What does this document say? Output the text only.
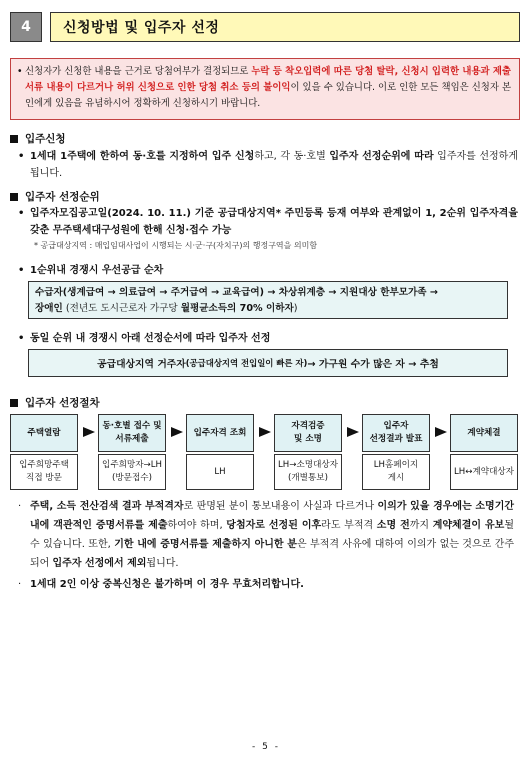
4	신청방법 및 입주자 선정
• 신청자가 신청한 내용을 근거로 당첨여부가 결정되므로 누락 등 착오입력에 따른 당첨 탈락, 신청시 입력한 내용과 제출서류 내용이 다르거나 허위 신청으로 인한 당첨 취소 등의 불이익이 있을 수 있습니다. 이로 인한 모든 책임은 신청자 본인에게 있음을 유념하시어 정확하게 신청하시기 바랍니다.
입주신청
• 1세대 1주택에 한하여 동·호를 지정하여 입주 신청하고, 각 동·호별 입주자 선정순위에 따라 입주자를 선정하게 됩니다.
입주자 선정순위
• 입주자모집공고일(2024. 10. 11.) 기준 공급대상지역* 주민등록 등재 여부와 관계없이 1, 2순위 입주자격을 갖춘 무주택세대구성원에 한해 신청·접수 가능
* 공급대상지역 : 매입임대사업이 시행되는 시·군·구(자치구)의 행정구역을 의미함
• 1순위내 경쟁시 우선공급 순차
수급자(생계급여 → 의료급여 → 주거급여 → 교육급여) → 차상위계층 → 지원대상 한부모가족 →
장애인 (전년도 도시근로자 가구당 월평균소득의 70% 이하자)
• 동일 순위 내 경쟁시 아래 선정순서에 따라 입주자 선정
공급대상지역 거주자 (공급대상지역 전입일이 빠른 자) → 가구원 수가 많은 자 → 추첨
입주자 선정절차
주택열람
입주희망주택
직접 방문
동·호별 접수 및
서류제출
입주희망자→LH
(방문접수)
입주자격 조회
LH
자격검증
및 소명
LH→소명대상자
(개별통보)
입주자
선정결과 발표
LH홈페이지
게시
계약체결
LH↔계약대상자
· 주택, 소득 전산검색 결과 부적격자로 판명된 분이 통보내용이 사실과 다르거나 이의가 있을 경우에는 소명기간 내에 객관적인 증명서류를 제출하여야 하며, 당첨자로 선정된 이후라도 부적격 소명 전까지 계약체결이 유보될 수 있습니다. 또한, 기한 내에 증명서류를 제출하지 아니한 분은 부적격 사유에 대하여 이의가 없는 것으로 간주되어 입주자 선정에서 제외됩니다.
· 1세대 2인 이상 중복신청은 불가하며 이 경우 무효처리합니다.
- 5 -
